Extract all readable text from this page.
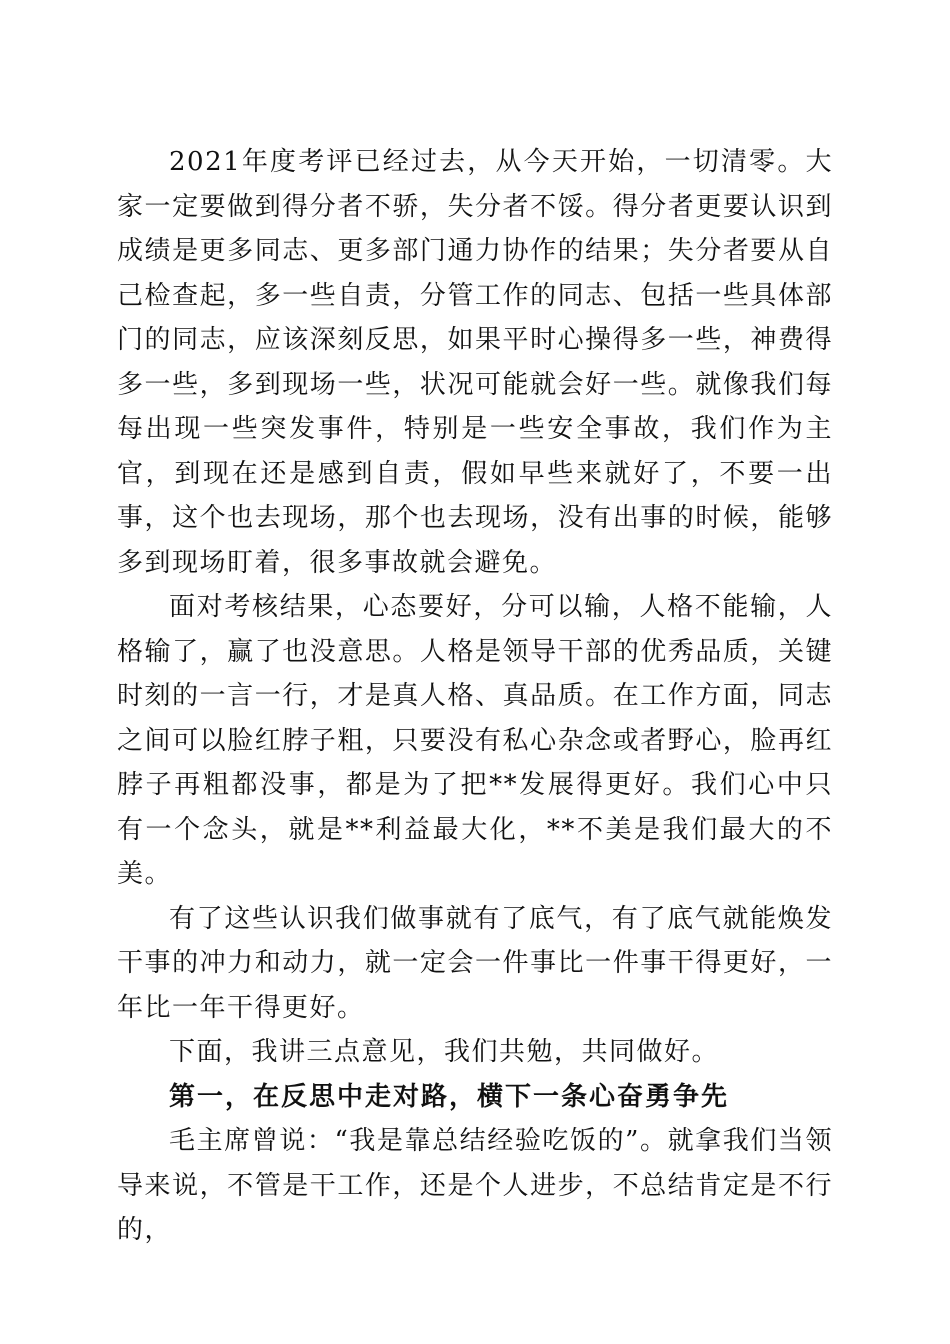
2021年度考评已经过去，从今天开始，一切清零。大家一定要做到得分者不骄，失分者不馁。得分者更要认识到成绩是更多同志、更多部门通力协作的结果；失分者要从自己检查起，多一些自责，分管工作的同志、包括一些具体部门的同志，应该深刻反思，如果平时心操得多一些，神费得多一些，多到现场一些，状况可能就会好一些。就像我们每每出现一些突发事件，特别是一些安全事故，我们作为主官，到现在还是感到自责，假如早些来就好了，不要一出事，这个也去现场，那个也去现场，没有出事的时候，能够多到现场盯着，很多事故就会避免。

面对考核结果，心态要好，分可以输，人格不能输，人格输了，赢了也没意思。人格是领导干部的优秀品质，关键时刻的一言一行，才是真人格、真品质。在工作方面，同志之间可以脸红脖子粗，只要没有私心杂念或者野心，脸再红脖子再粗都没事，都是为了把**发展得更好。我们心中只有一个念头，就是**利益最大化，**不美是我们最大的不美。

有了这些认识我们做事就有了底气，有了底气就能焕发干事的冲力和动力，就一定会一件事比一件事干得更好，一年比一年干得更好。

下面，我讲三点意见，我们共勉，共同做好。

第一，在反思中走对路，横下一条心奋勇争先

毛主席曾说：“我是靠总结经验吃饭的”。就拿我们当领导来说，不管是干工作，还是个人进步，不总结肯定是不行的，
